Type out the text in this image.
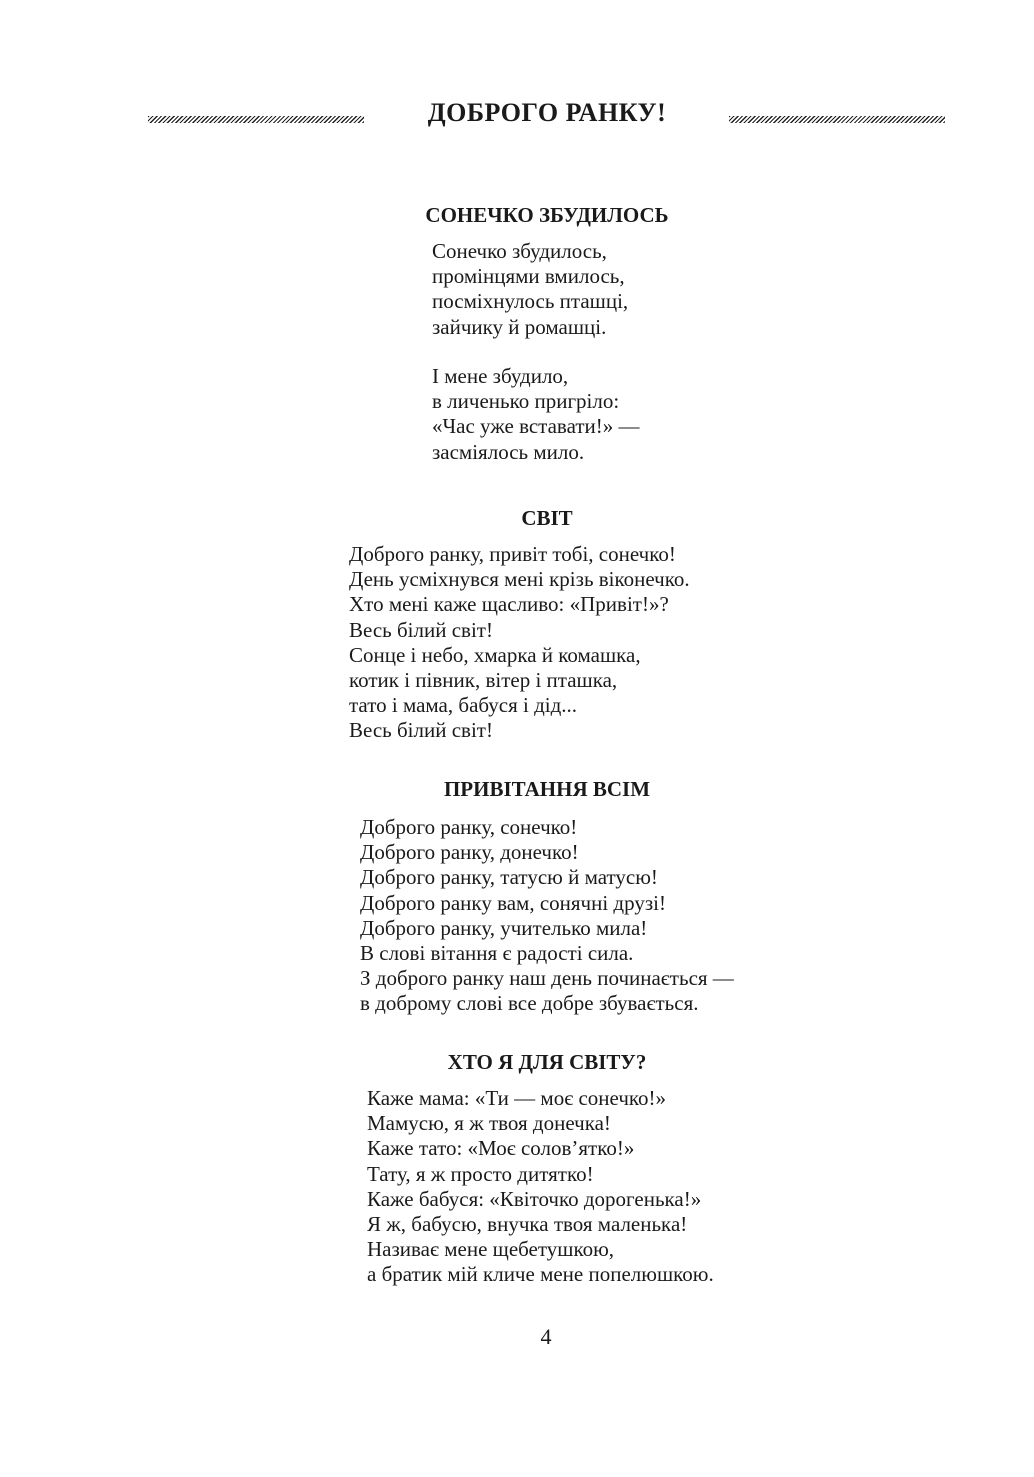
ДОБРОГО РАНКУ!
СОНЕЧКО ЗБУДИЛОСЬ
Сонечко збудилось,
промінцями вмилось,
посміхнулось пташці,
зайчику й ромашці.
І мене збудило,
в личенько пригріло:
«Час уже вставати!» —
засміялось мило.
СВІТ
Доброго ранку, привіт тобі, сонечко!
День усміхнувся мені крізь віконечко.
Хто мені каже щасливо: «Привіт!»?
Весь білий світ!
Сонце і небо, хмарка й комашка,
котик і півник, вітер і пташка,
тато і мама, бабуся і дід...
Весь білий світ!
ПРИВІТАННЯ ВСІМ
Доброго ранку, сонечко!
Доброго ранку, донечко!
Доброго ранку, татусю й матусю!
Доброго ранку вам, сонячні друзі!
Доброго ранку, учителько мила!
В слові вітання є радості сила.
З доброго ранку наш день починається —
в доброму слові все добре збувається.
ХТО Я ДЛЯ СВІТУ?
Каже мама: «Ти — моє сонечко!»
Мамусю, я ж твоя донечка!
Каже тато: «Моє солов’ятко!»
Тату, я ж просто дитятко!
Каже бабуся: «Квіточко дорогенька!»
Я ж, бабусю, внучка твоя маленька!
Називає мене щебетушкою,
а братик мій кличе мене попелюшкою.
4
